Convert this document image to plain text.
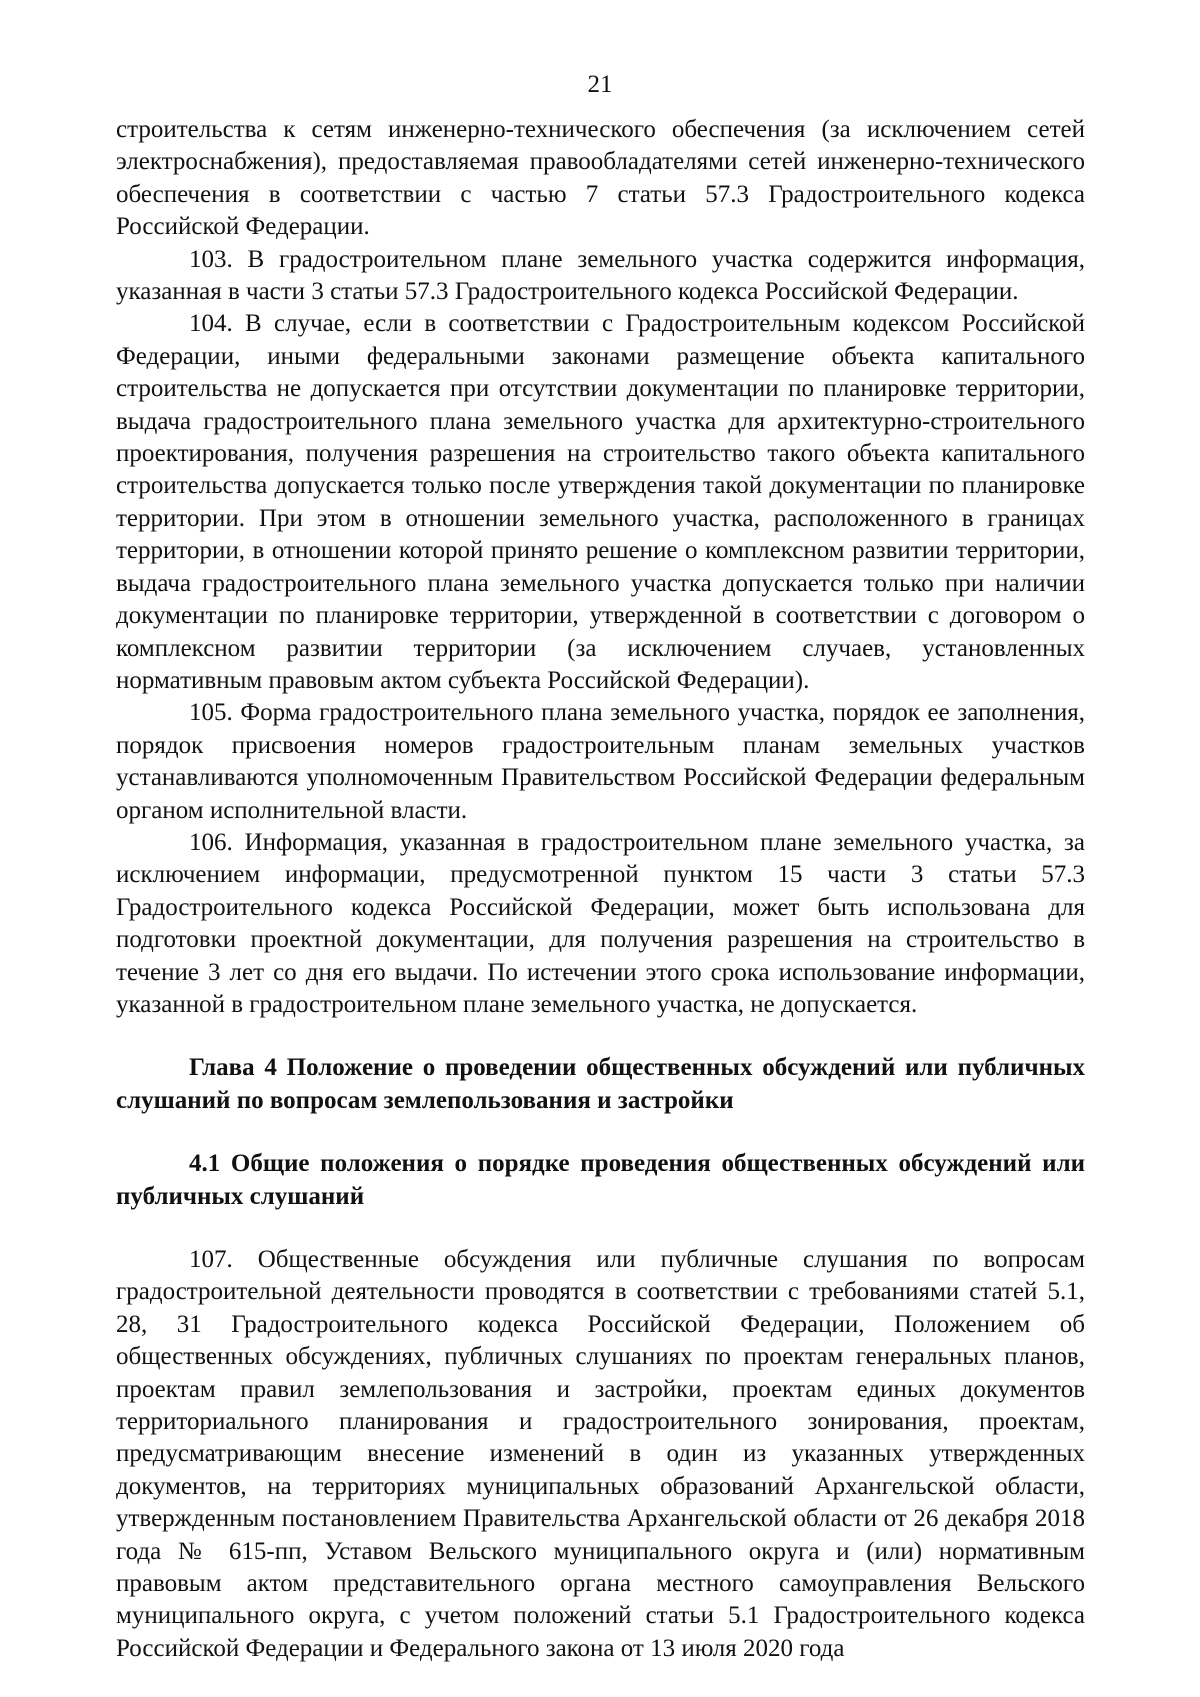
21

строительства к сетям инженерно-технического обеспечения (за исключением сетей электроснабжения), предоставляемая правообладателями сетей инженерно-технического обеспечения в соответствии с частью 7 статьи 57.3 Градостроительного кодекса Российской Федерации.

103. В градостроительном плане земельного участка содержится информация, указанная в части 3 статьи 57.3 Градостроительного кодекса Российской Федерации.

104. В случае, если в соответствии с Градостроительным кодексом Российской Федерации, иными федеральными законами размещение объекта капитального строительства не допускается при отсутствии документации по планировке территории, выдача градостроительного плана земельного участка для архитектурно-строительного проектирования, получения разрешения на строительство такого объекта капитального строительства допускается только после утверждения такой документации по планировке территории. При этом в отношении земельного участка, расположенного в границах территории, в отношении которой принято решение о комплексном развитии территории, выдача градостроительного плана земельного участка допускается только при наличии документации по планировке территории, утвержденной в соответствии с договором о комплексном развитии территории (за исключением случаев, установленных нормативным правовым актом субъекта Российской Федерации).

105. Форма градостроительного плана земельного участка, порядок ее заполнения, порядок присвоения номеров градостроительным планам земельных участков устанавливаются уполномоченным Правительством Российской Федерации федеральным органом исполнительной власти.

106. Информация, указанная в градостроительном плане земельного участка, за исключением информации, предусмотренной пунктом 15 части 3 статьи 57.3 Градостроительного кодекса Российской Федерации, может быть использована для подготовки проектной документации, для получения разрешения на строительство в течение 3 лет со дня его выдачи. По истечении этого срока использование информации, указанной в градостроительном плане земельного участка, не допускается.

Глава 4 Положение о проведении общественных обсуждений или публичных слушаний по вопросам землепользования и застройки

4.1 Общие положения о порядке проведения общественных обсуждений или публичных слушаний

107. Общественные обсуждения или публичные слушания по вопросам градостроительной деятельности проводятся в соответствии с требованиями статей 5.1, 28, 31 Градостроительного кодекса Российской Федерации, Положением об общественных обсуждениях, публичных слушаниях по проектам генеральных планов, проектам правил землепользования и застройки, проектам единых документов территориального планирования и градостроительного зонирования, проектам, предусматривающим внесение изменений в один из указанных утвержденных документов, на территориях муниципальных образований Архангельской области, утвержденным постановлением Правительства Архангельской области от 26 декабря 2018 года № 615-пп, Уставом Вельского муниципального округа и (или) нормативным правовым актом представительного органа местного самоуправления Вельского муниципального округа, с учетом положений статьи 5.1 Градостроительного кодекса Российской Федерации и Федерального закона от 13 июля 2020 года
